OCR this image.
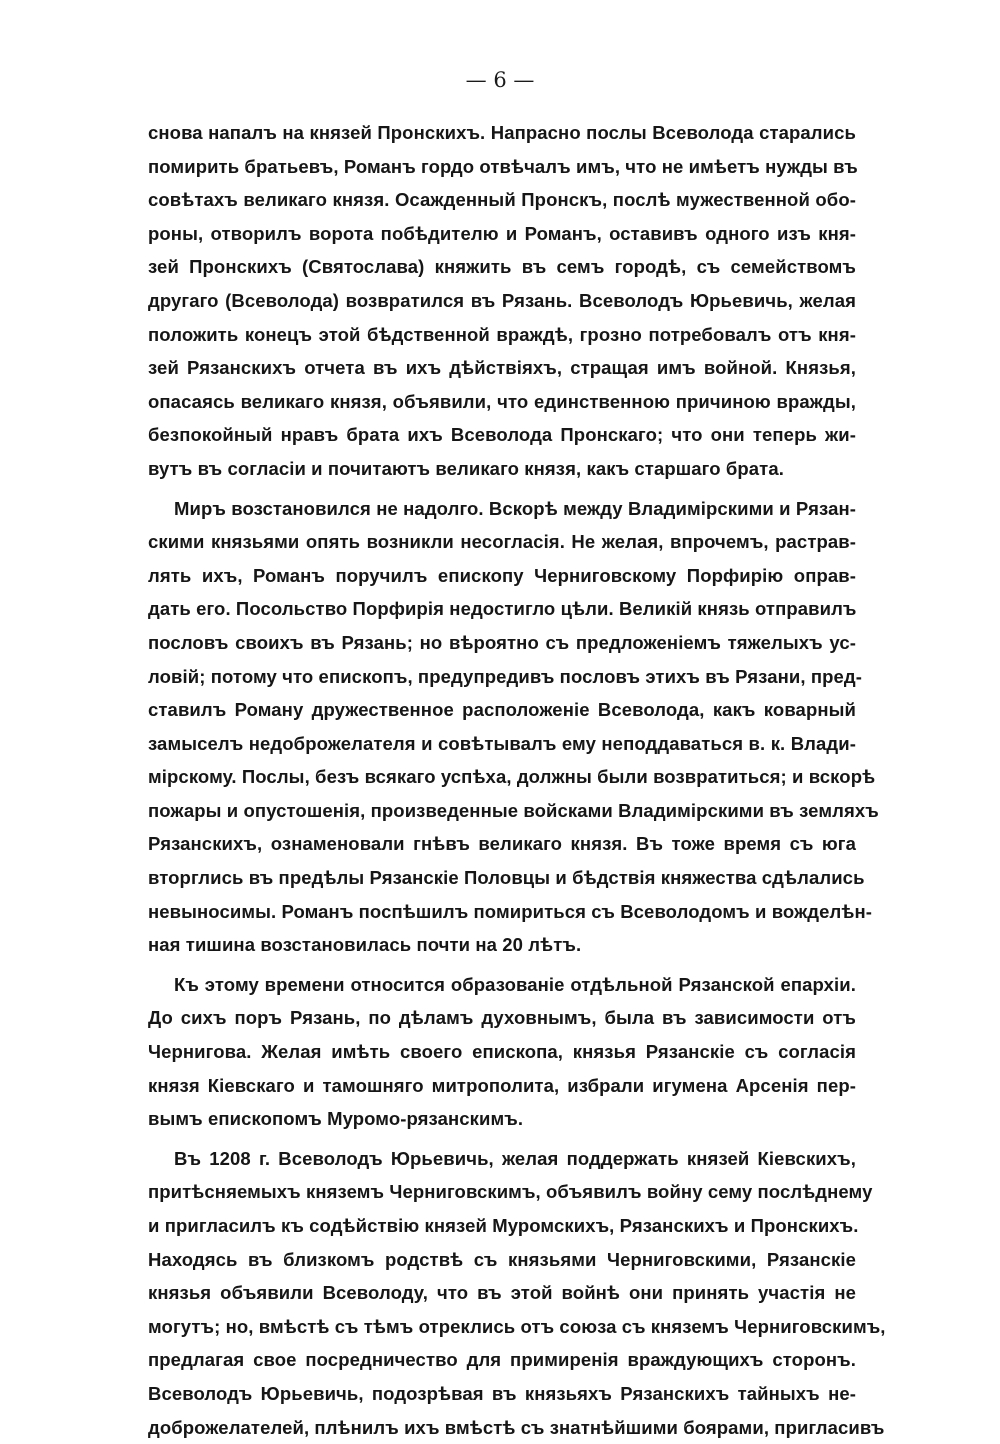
— 6 —
снова напалъ на князей Пронскихъ. Напрасно послы Всеволода старались
помирить братьевъ, Романъ гордо отвѣчалъ имъ, что не имѣетъ нужды въ
совѣтахъ великаго князя. Осажденный Пронскъ, послѣ мужественной обо-
роны, отворилъ ворота побѣдителю и Романъ, оставивъ одного изъ кня-
зей Пронскихъ (Святослава) княжить въ семъ городѣ, съ семействомъ
другаго (Всеволода) возвратился въ Рязань. Всеволодъ Юрьевичь, желая
положить конецъ этой бѣдственной враждѣ, грозно потребовалъ отъ кня-
зей Рязанскихъ отчета въ ихъ дѣйствіяхъ, стращая имъ войной. Князья,
опасаясь великаго князя, объявили, что единственною причиною вражды,
безпокойный нравъ брата ихъ Всеволода Пронскаго; что они теперь жи-
вутъ въ согласіи и почитаютъ великаго князя, какъ старшаго брата.
Миръ возстановился не надолго. Вскорѣ между Владимірскими и Рязан-
скими князьями опять возникли несогласія. Не желая, впрочемъ, растрав-
лять ихъ, Романъ поручилъ епископу Черниговскому Порфирію оправ-
дать его. Посольство Порфирія недостигло цѣли. Великій князь отправилъ
пословъ своихъ въ Рязань; но вѣроятно съ предложеніемъ тяжелыхъ ус-
ловій; потому что епископъ, предупредивъ пословъ этихъ въ Рязани, пред-
ставилъ Роману дружественное расположеніе Всеволода, какъ коварный
замыселъ недоброжелателя и совѣтывалъ ему неподдаваться в. к. Влади-
мірскому. Послы, безъ всякаго успѣха, должны были возвратиться; и вскорѣ
пожары и опустошенія, произведенные войсками Владимірскими въ земляхъ
Рязанскихъ, ознаменовали гнѣвъ великаго князя. Въ тоже время съ юга
вторглись въ предѣлы Рязанскіе Половцы и бѣдствія княжества сдѣлались
невыносимы. Романъ поспѣшилъ помириться съ Всеволодомъ и вожделѣн-
ная тишина возстановилась почти на 20 лѣтъ.
Къ этому времени относится образованіе отдѣльной Рязанской епархіи.
До сихъ поръ Рязань, по дѣламъ духовнымъ, была въ зависимости отъ
Чернигова. Желая имѣть своего епископа, князья Рязанскіе съ согласія
князя Кіевскаго и тамошняго митрополита, избрали игумена Арсенія пер-
вымъ епископомъ Муромо-рязанскимъ.
Въ 1208 г. Всеволодъ Юрьевичь, желая поддержать князей Кіевскихъ,
притѣсняемыхъ княземъ Черниговскимъ, объявилъ войну сему послѣднему
и пригласилъ къ содѣйствію князей Муромскихъ, Рязанскихъ и Пронскихъ.
Находясь въ близкомъ родствѣ съ князьями Черниговскими, Рязанскіе
князья объявили Всеволоду, что въ этой войнѣ они принять участія не
могутъ; но, вмѣстѣ съ тѣмъ отреклись отъ союза съ княземъ Черниговскимъ,
предлагая свое посредничество для примиренія враждующихъ сторонъ.
Всеволодъ Юрьевичь, подозрѣвая въ князьяхъ Рязанскихъ тайныхъ не-
доброжелателей, плѣнилъ ихъ вмѣстѣ съ знатнѣйшими боярами, пригласивъ
